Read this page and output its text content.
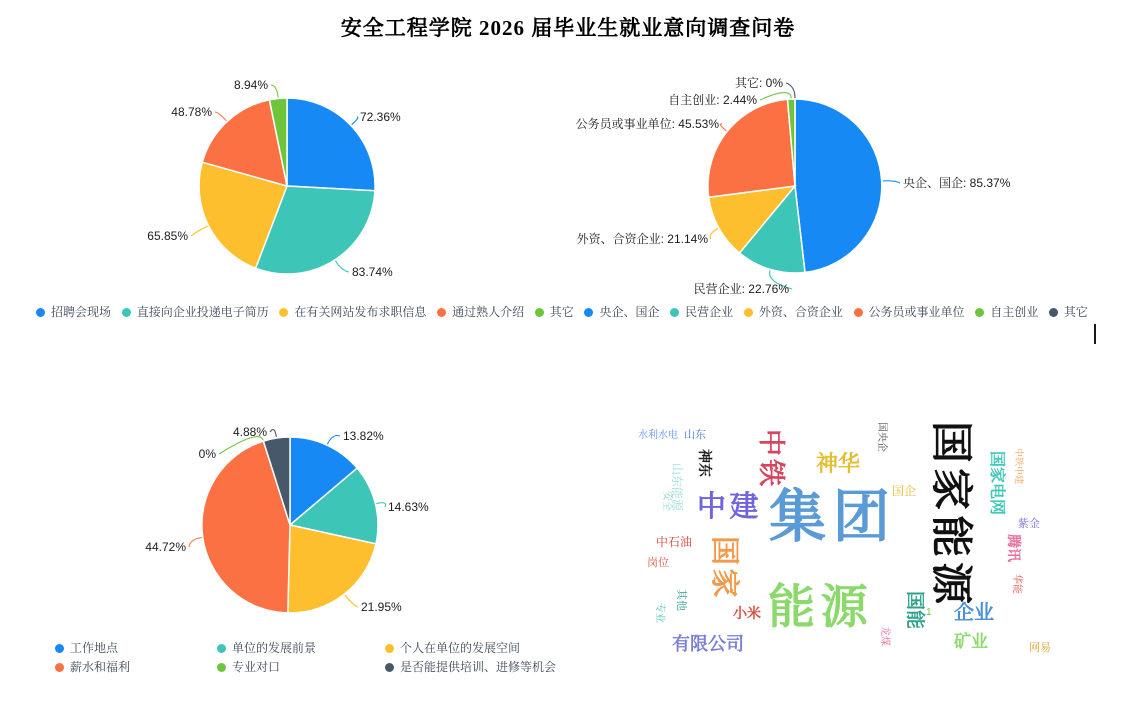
安全工程学院 2026 届毕业生就业意向调查问卷
72.36%
83.74%
65.85%
48.78%
8.94%
央企、国企: 85.37%
民营企业: 22.76%
外资、合资企业: 21.14%
公务员或事业单位: 45.53%
自主创业: 2.44%
其它: 0%
13.82%
14.63%
21.95%
44.72%
0%
4.88%
招聘会现场 直接向企业投递电子简历 在有关网站发布求职信息 通过熟人介绍 其它 央企、国企 民营企业 外资、合资企业 公务员或事业单位 自主创业 其它
工作地点	单位的发展前景	个人在单位的发展空间
薪水和福利	专业对口	是否能提供培训、进修等机会
水利水电 山东
神东 中铁 神华
国央企 国家能源 国家电网 中铁中建
国企
山东能源
安全 中建 集团	紫金
腾讯
华能
中石油
岗位 国家
专业
其他
小米 能源
有限公司
国能
龙煤
1 企业
矿业	网易
